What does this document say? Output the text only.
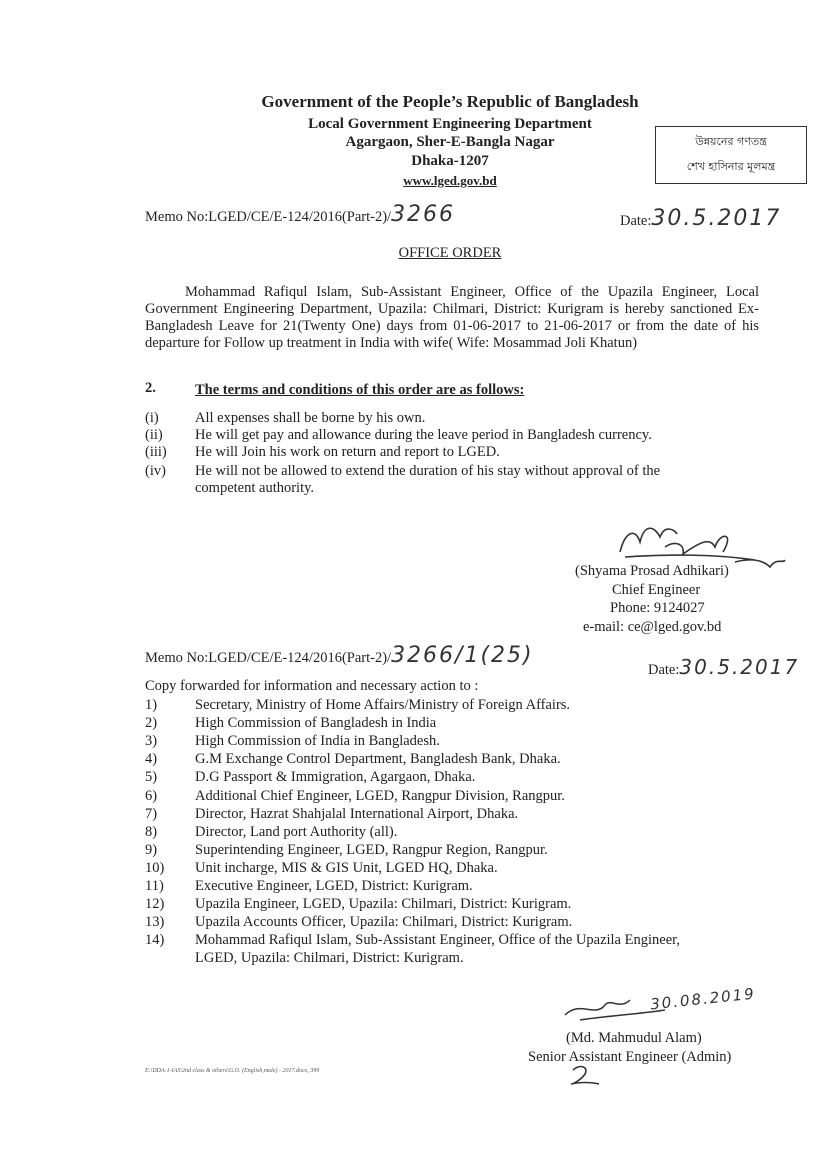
Government of the People’s Republic of Bangladesh
Local Government Engineering Department
Agargaon, Sher-E-Bangla Nagar
Dhaka-1207
www.lged.gov.bd
উন্নয়নের গণতন্ত্র
শেখ হাসিনার মূলমন্ত্র
Memo No:LGED/CE/E-124/2016(Part-2)/3266	Date:30.5.2017
OFFICE ORDER
Mohammad Rafiqul Islam, Sub-Assistant Engineer, Office of the Upazila Engineer, Local Government Engineering Department, Upazila: Chilmari, District: Kurigram is hereby sanctioned Ex-Bangladesh Leave for 21(Twenty One) days from 01-06-2017 to 21-06-2017 or from the date of his departure for Follow up treatment in India with wife( Wife: Mosammad Joli Khatun)
2.	The terms and conditions of this order are as follows:
(i)	All expenses shall be borne by his own.
(ii) He will get pay and allowance during the leave period in Bangladesh currency.
(iii) He will Join his work on return and report to LGED.
(iv) He will not be allowed to extend the duration of his stay without approval of the
competent authority.
(Shyama Prosad Adhikari)
Chief Engineer
Phone: 9124027
e-mail: ce@lged.gov.bd
Memo No:LGED/CE/E-124/2016(Part-2)/3266/1(25)
Date:30.5.2017
Copy forwarded for information and necessary action to :
1)	Secretary, Ministry of Home Affairs/Ministry of Foreign Affairs.
2)	High Commission of Bangladesh in India
3)	High Commission of India in Bangladesh.
4)	G.M Exchange Control Department, Bangladesh Bank, Dhaka.
5)	D.G Passport & Immigration, Agargaon, Dhaka.
6)	Additional Chief Engineer, LGED, Rangpur Division, Rangpur.
7)	Director, Hazrat Shahjalal International Airport, Dhaka.
8)	Director, Land port Authority (all).
9)	Superintending Engineer, LGED, Rangpur Region, Rangpur.
10) Unit incharge, MIS & GIS Unit, LGED HQ, Dhaka.
11) Executive Engineer, LGED, District: Kurigram.
12) Upazila Engineer, LGED, Upazila: Chilmari, District: Kurigram.
13) Upazila Accounts Officer, Upazila: Chilmari, District: Kurigram.
14) Mohammad Rafiqul Islam, Sub-Assistant Engineer, Office of the Upazila Engineer,
LGED, Upazila: Chilmari, District: Kurigram.
30.08.2019
(Md. Mahmudul Alam)
Senior Assistant Engineer (Admin)
E:\DDA-1-IAS\2nd class & others\G.O. (English,male) - 2017.docx, 399
